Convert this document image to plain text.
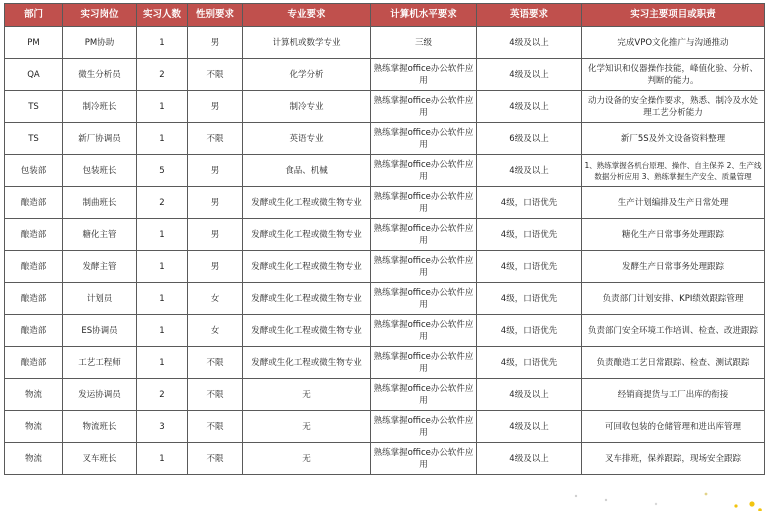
部门	实习岗位	实习人数	性别要求	专业要求	计算机水平要求	英语要求	实习主要项目或职责
PM	PM协助	1	男	计算机或数学专业	三级	4级及以上	完成VPO文化推广与沟通推动
QA	微生分析员	2	不限	化学分析	熟练掌握office办公软件应用	4级及以上	化学知识和仪器操作技能，峰值化验、分析、判断的能力。
TS	制冷班长	1	男	制冷专业	熟练掌握office办公软件应用	4级及以上	动力设备的安全操作要求，熟悉、制冷及水处理工艺分析能力
TS	新厂协调员	1	不限	英语专业	熟练掌握office办公软件应用	6级及以上	新厂5S及外文设备资料整理
包装部	包装班长	5	男	食品、机械	熟练掌握office办公软件应用	4级及以上	1、熟练掌握各机台原理、操作、自主保养 2、生产线数据分析应用 3、熟练掌握生产安全、质量管理
酿造部	制曲班长	2	男	发酵或生化工程或微生物专业	熟练掌握office办公软件应用	4级，口语优先	生产计划编排及生产日常处理
酿造部	糖化主管	1	男	发酵或生化工程或微生物专业	熟练掌握office办公软件应用	4级，口语优先	糖化生产日常事务处理跟踪
酿造部	发酵主管	1	男	发酵或生化工程或微生物专业	熟练掌握office办公软件应用	4级，口语优先	发酵生产日常事务处理跟踪
酿造部	计划员	1	女	发酵或生化工程或微生物专业	熟练掌握office办公软件应用	4级，口语优先	负责部门计划安排、KPI绩效跟踪管理
酿造部	ES协调员	1	女	发酵或生化工程或微生物专业	熟练掌握office办公软件应用	4级，口语优先	负责部门安全环境工作培训、检查、改进跟踪
酿造部	工艺工程师	1	不限	发酵或生化工程或微生物专业	熟练掌握office办公软件应用	4级，口语优先	负责酿造工艺日常跟踪、检查、测试跟踪
物流	发运协调员	2	不限	无	熟练掌握office办公软件应用	4级及以上	经销商提货与工厂出库的衔接
物流	物流班长	3	不限	无	熟练掌握office办公软件应用	4级及以上	可回收包装的仓储管理和进出库管理
物流	叉车班长	1	不限	无	熟练掌握office办公软件应用	4级及以上	叉车排班，保养跟踪，现场安全跟踪
